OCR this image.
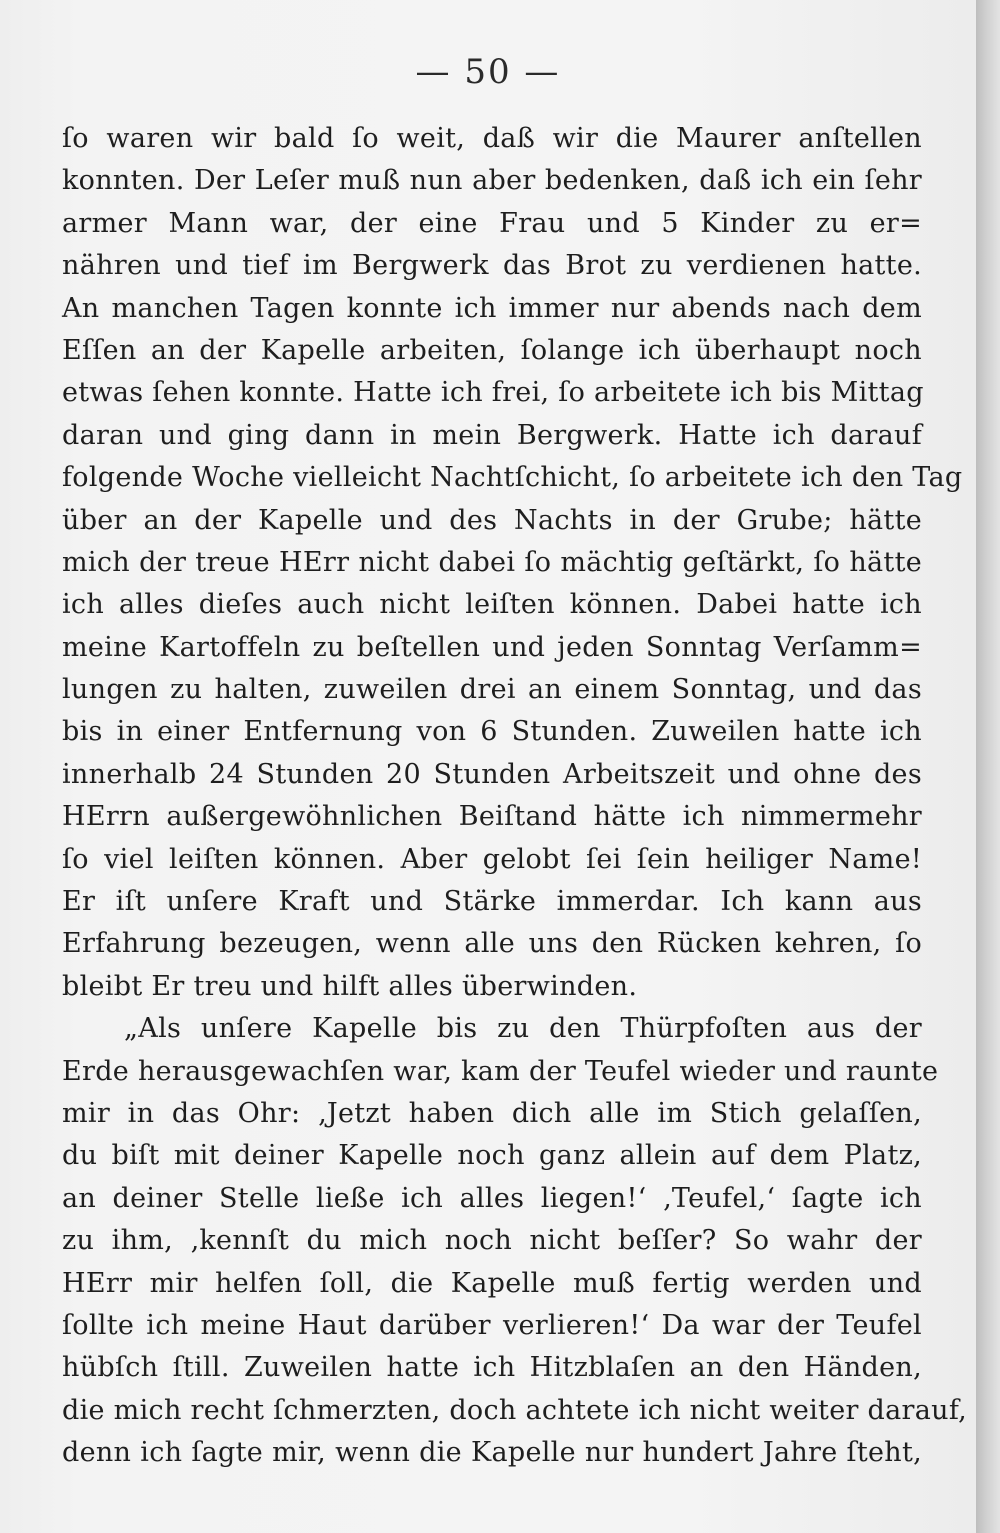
— 50 —
ſo waren wir bald ſo weit, daß wir die Maurer anſtellen
konnten. Der Leſer muß nun aber bedenken, daß ich ein ſehr
armer Mann war, der eine Frau und 5 Kinder zu er=
nähren und tief im Bergwerk das Brot zu verdienen hatte.
An manchen Tagen konnte ich immer nur abends nach dem
Eſſen an der Kapelle arbeiten, ſolange ich überhaupt noch
etwas ſehen konnte. Hatte ich frei, ſo arbeitete ich bis Mittag
daran und ging dann in mein Bergwerk. Hatte ich darauf
folgende Woche vielleicht Nachtſchicht, ſo arbeitete ich den Tag
über an der Kapelle und des Nachts in der Grube; hätte
mich der treue HErr nicht dabei ſo mächtig geſtärkt, ſo hätte
ich alles dieſes auch nicht leiſten können. Dabei hatte ich
meine Kartoffeln zu beſtellen und jeden Sonntag Verſamm=
lungen zu halten, zuweilen drei an einem Sonntag, und das
bis in einer Entfernung von 6 Stunden. Zuweilen hatte ich
innerhalb 24 Stunden 20 Stunden Arbeitszeit und ohne des
HErrn außergewöhnlichen Beiſtand hätte ich nimmermehr
ſo viel leiſten können. Aber gelobt ſei ſein heiliger Name!
Er iſt unſere Kraft und Stärke immerdar. Ich kann aus
Erfahrung bezeugen, wenn alle uns den Rücken kehren, ſo
bleibt Er treu und hilft alles überwinden.
„Als unſere Kapelle bis zu den Thürpfoſten aus der
Erde herausgewachſen war, kam der Teufel wieder und raunte
mir in das Ohr: ‚Jetzt haben dich alle im Stich gelaſſen,
du biſt mit deiner Kapelle noch ganz allein auf dem Platz,
an deiner Stelle ließe ich alles liegen!‘ ‚Teufel,‘ ſagte ich
zu ihm, ‚kennſt du mich noch nicht beſſer? So wahr der
HErr mir helfen ſoll, die Kapelle muß fertig werden und
ſollte ich meine Haut darüber verlieren!‘ Da war der Teufel
hübſch ſtill. Zuweilen hatte ich Hitzblaſen an den Händen,
die mich recht ſchmerzten, doch achtete ich nicht weiter darauf,
denn ich ſagte mir, wenn die Kapelle nur hundert Jahre ſteht,
